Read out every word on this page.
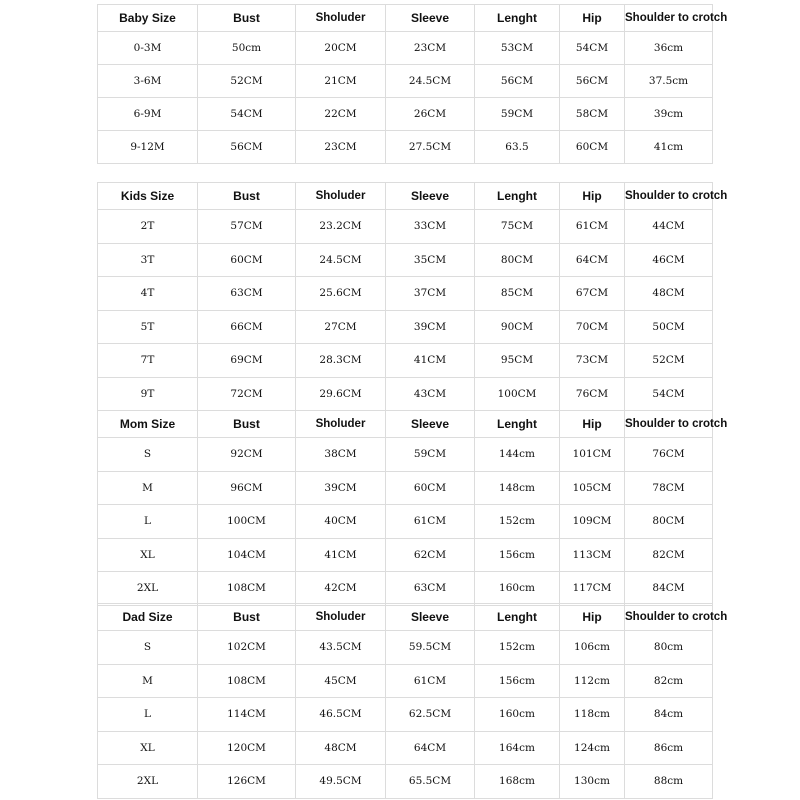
Baby Size	Bust	Sholuder	Sleeve	Lenght	Hip	Shoulder to crotch
0-3M	50cm	20CM	23CM	53CM	54CM	36cm
3-6M	52CM	21CM	24.5CM	56CM	56CM	37.5cm
6-9M	54CM	22CM	26CM	59CM	58CM	39cm
9-12M	56CM	23CM	27.5CM	63.5	60CM	41cm
Kids Size	Bust	Sholuder	Sleeve	Lenght	Hip	Shoulder to crotch
2T	57CM	23.2CM	33CM	75CM	61CM	44CM
3T	60CM	24.5CM	35CM	80CM	64CM	46CM
4T	63CM	25.6CM	37CM	85CM	67CM	48CM
5T	66CM	27CM	39CM	90CM	70CM	50CM
7T	69CM	28.3CM	41CM	95CM	73CM	52CM
9T	72CM	29.6CM	43CM	100CM	76CM	54CM
Mom Size	Bust	Sholuder	Sleeve	Lenght	Hip	Shoulder to crotch
S	92CM	38CM	59CM	144cm	101CM	76CM
M	96CM	39CM	60CM	148cm	105CM	78CM
L	100CM	40CM	61CM	152cm	109CM	80CM
XL	104CM	41CM	62CM	156cm	113CM	82CM
2XL	108CM	42CM	63CM	160cm	117CM	84CM
Dad Size	Bust	Sholuder	Sleeve	Lenght	Hip	Shoulder to crotch
S	102CM	43.5CM	59.5CM	152cm	106cm	80cm
M	108CM	45CM	61CM	156cm	112cm	82cm
L	114CM	46.5CM	62.5CM	160cm	118cm	84cm
XL	120CM	48CM	64CM	164cm	124cm	86cm
2XL	126CM	49.5CM	65.5CM	168cm	130cm	88cm
